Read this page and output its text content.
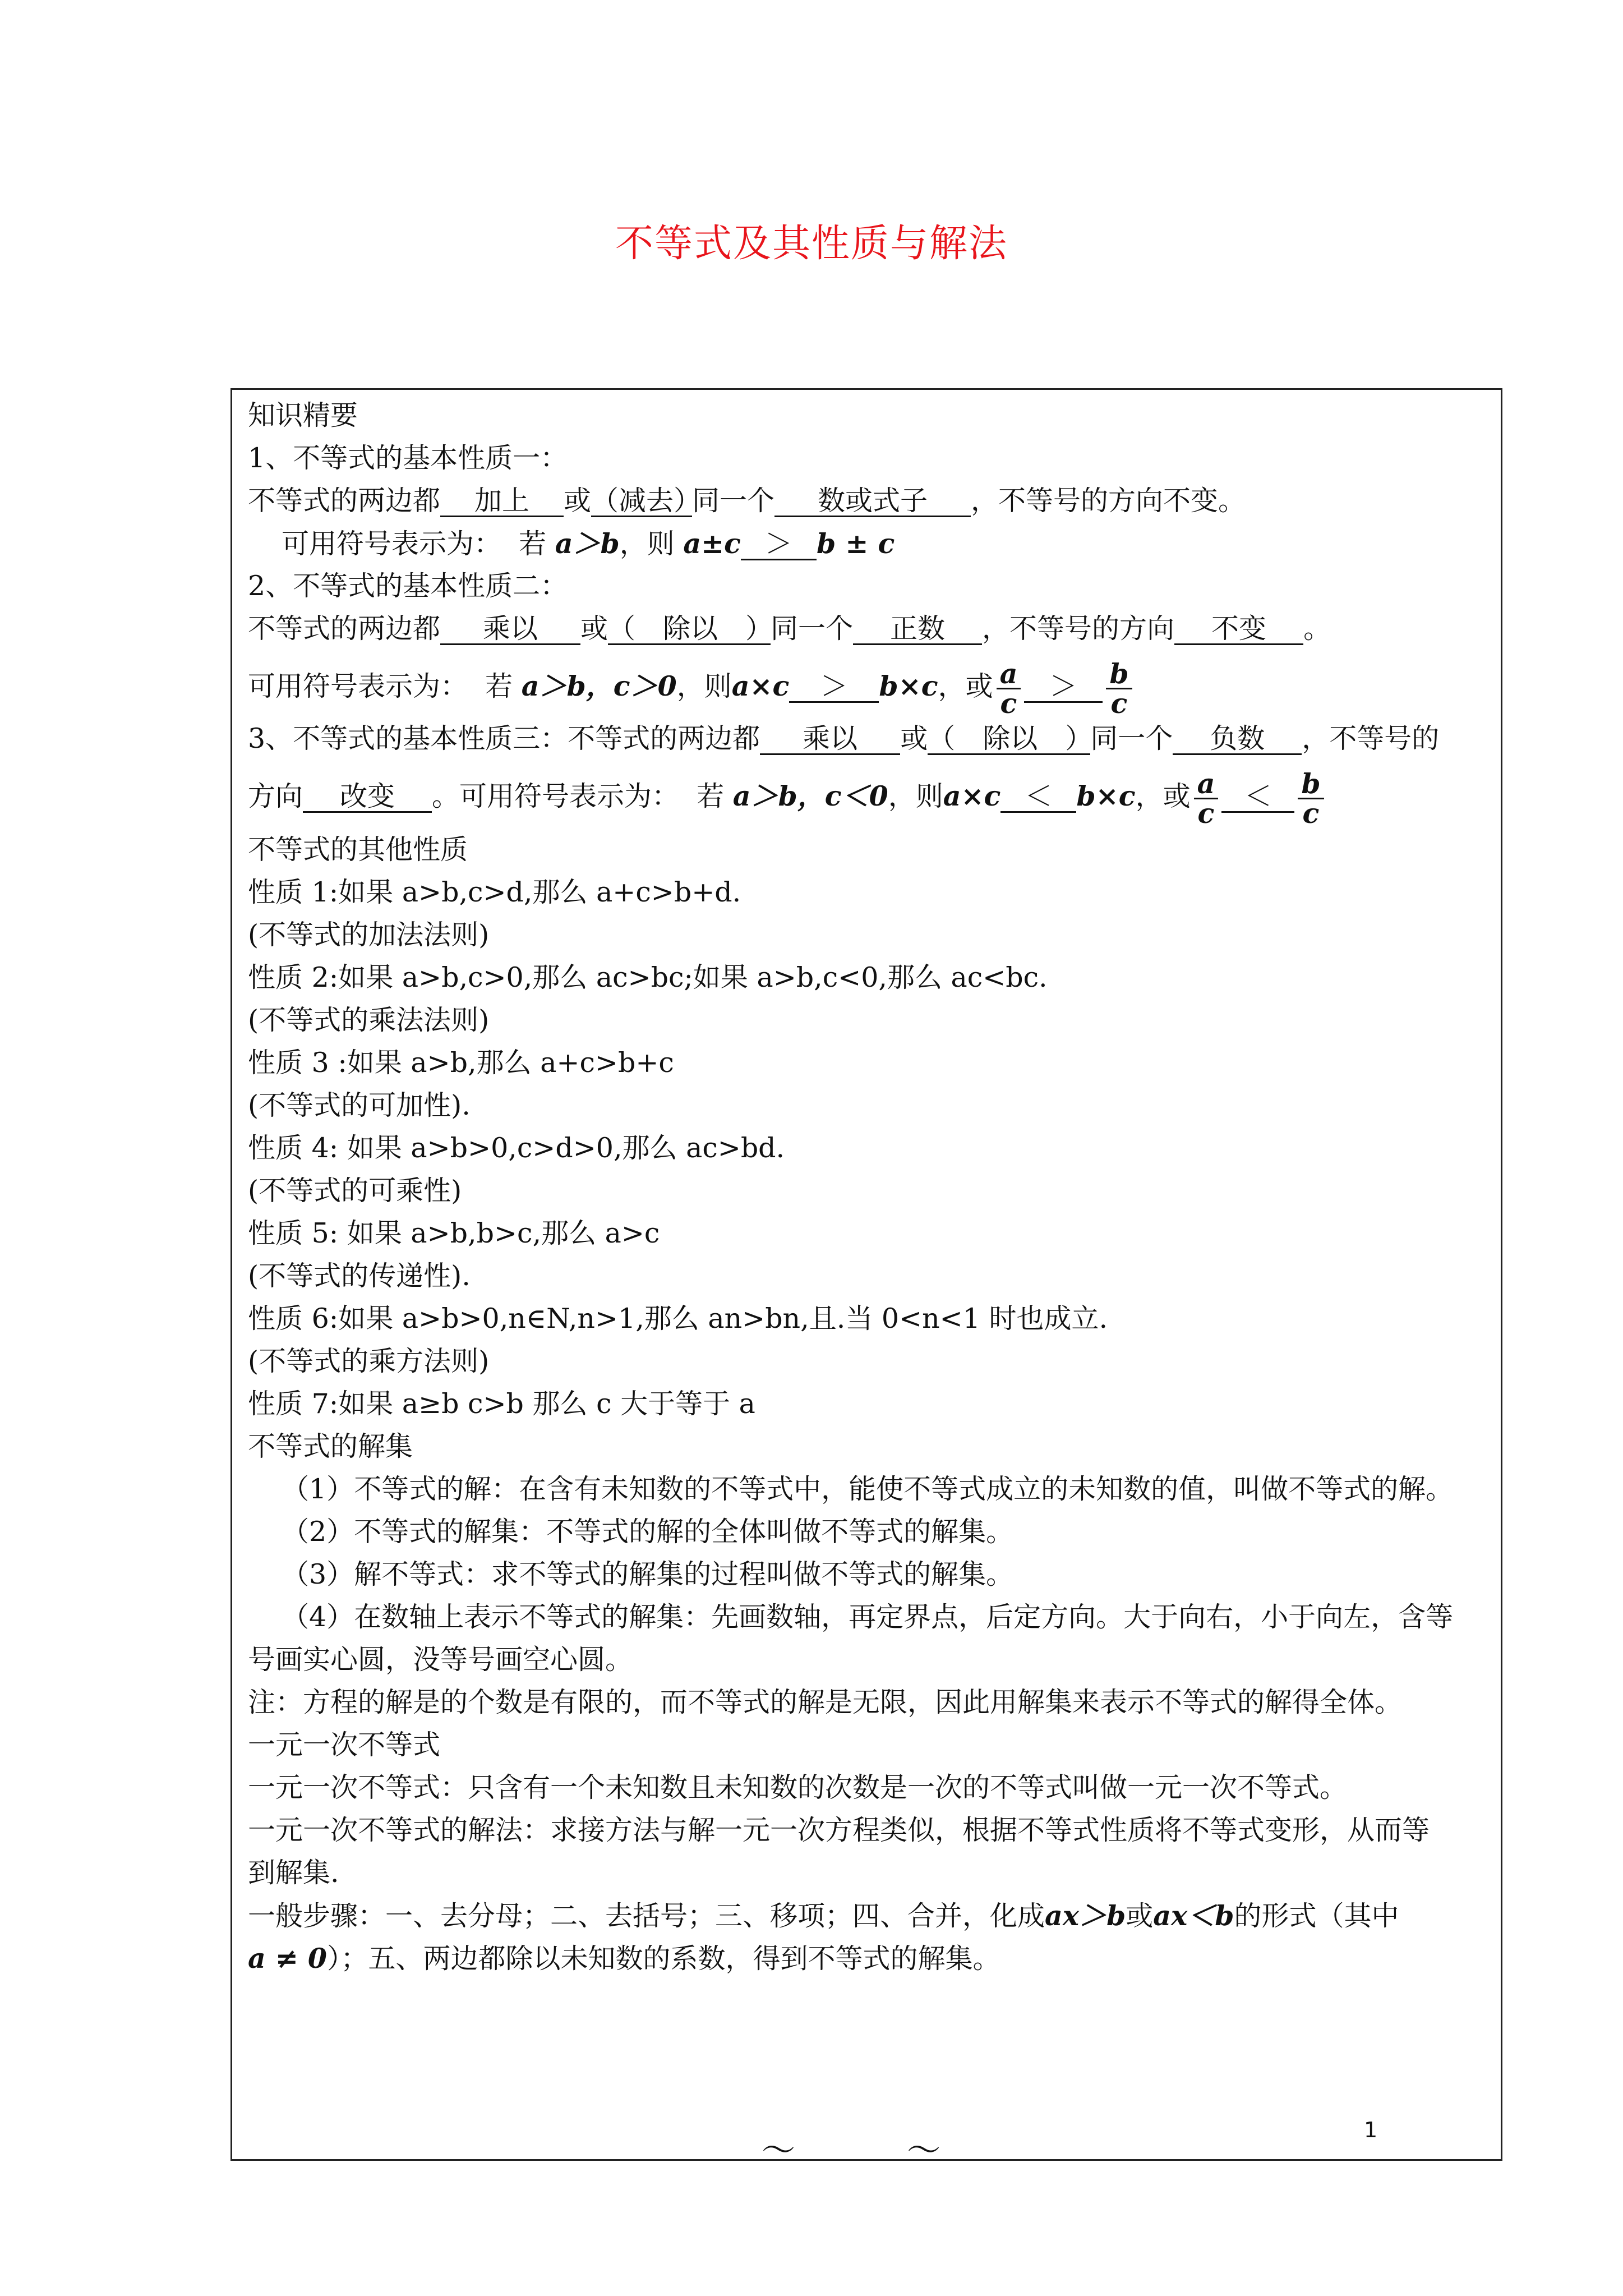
不等式及其性质与解法
知识精要
1、不等式的基本性质一：
不等式的两边都 加上 或（减去）同一个 数或式子 ，不等号的方向不变。
可用符号表示为： 若 a＞b，则 a±c ＞ b ± c
2、不等式的基本性质二：
不等式的两边都 乘以 或（　除以　）同一个 正数 ，不等号的方向 不变 。
可用符号表示为： 若 a＞b，c＞0，则a×c ＞ b×c，或 $\frac{a}{c} > \frac{b}{c}$
3、不等式的基本性质三：不等式的两边都 乘以 或（　除以　）同一个 负数 ，不等号的
方向 改变 。可用符号表示为： 若 a＞b，c＜0，则a×c ＜ b×c，或 $\frac{a}{c} < \frac{b}{c}$
不等式的其他性质
性质 1:如果 a>b,c>d,那么 a+c>b+d.
(不等式的加法法则)
性质 2:如果 a>b,c>0,那么 ac>bc;如果 a>b,c<0,那么 ac<bc.
(不等式的乘法法则)
性质 3 :如果 a>b,那么 a+c>b+c
(不等式的可加性).
性质 4: 如果 a>b>0,c>d>0,那么 ac>bd.
(不等式的可乘性)
性质 5: 如果 a>b,b>c,那么 a>c
(不等式的传递性).
性质 6:如果 a>b>0,n∈N,n>1,那么 an>bn,且.当 0<n<1 时也成立.
(不等式的乘方法则)
性质 7:如果 a≥b c>b 那么 c 大于等于 a
不等式的解集
（1）不等式的解：在含有未知数的不等式中，能使不等式成立的未知数的值，叫做不等式的解。
（2）不等式的解集：不等式的解的全体叫做不等式的解集。
（3）解不等式：求不等式的解集的过程叫做不等式的解集。
（4）在数轴上表示不等式的解集：先画数轴，再定界点，后定方向。大于向右，小于向左，含等
号画实心圆，没等号画空心圆。
注：方程的解是的个数是有限的，而不等式的解是无限，因此用解集来表示不等式的解得全体。
一元一次不等式
一元一次不等式：只含有一个未知数且未知数的次数是一次的不等式叫做一元一次不等式。
一元一次不等式的解法：求接方法与解一元一次方程类似，根据不等式性质将不等式变形，从而等
到解集.
一般步骤：一、去分母；二、去括号；三、移项；四、合并，化成ax＞b或ax＜b的形式（其中
a ≠ 0）；五、两边都除以未知数的系数，得到不等式的解集。
～ ～
1
